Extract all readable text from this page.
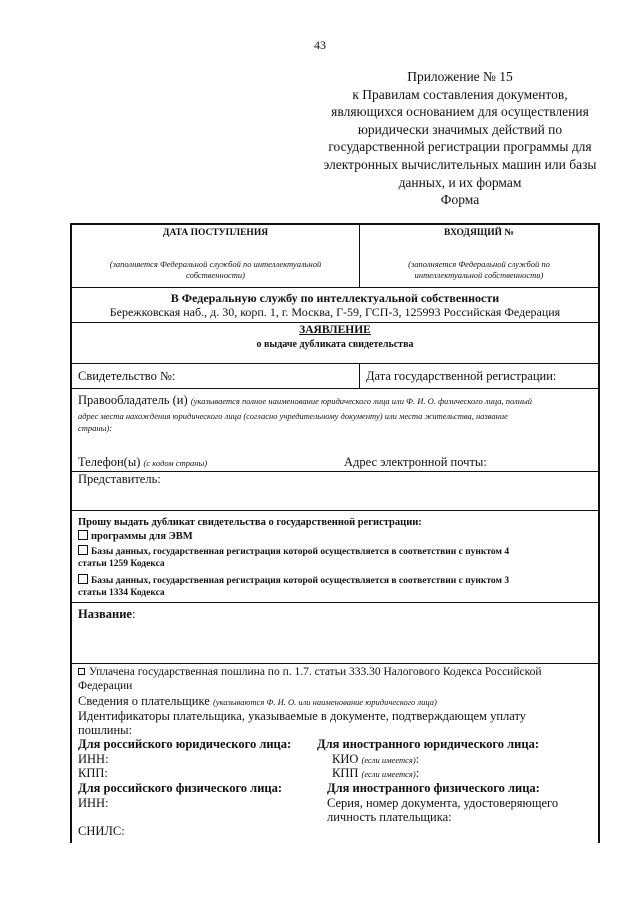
43
Приложение № 15
к Правилам составления документов,
являющихся основанием для осуществления
юридически значимых действий по
государственной регистрации программы для
электронных вычислительных машин или базы
данных, и их формам
Форма
ДАТА ПОСТУПЛЕНИЯ
(заполняется Федеральной службой по интеллектуальной
собственности)
ВХОДЯЩИЙ №
(заполняется Федеральной службой по
интеллектуальной собственности)
В Федеральную службу по интеллектуальной собственности
Бережковская наб., д. 30, корп. 1, г. Москва, Г-59, ГСП-3, 125993 Российская Федерация
ЗАЯВЛЕНИЕ
о выдаче дубликата свидетельства
Свидетельство №:	Дата государственной регистрации:
Правообладатель (и) (указывается полное наименование юридического лица или Ф. И. О. физического лица, полный
адрес места нахождения юридического лица (согласно учредительному документу) или места жительства, название
страны):
Телефон(ы) (с кодом страны)	Адрес электронной почты:
Представитель:
Прошу выдать дубликат свидетельства о государственной регистрации:
программы для ЭВМ
Базы данных, государственная регистрация которой осуществляется в соответствии с пунктом 4
статьи 1259 Кодекса
Базы данных, государственная регистрация которой осуществляется в соответствии с пунктом 3
статьи 1334 Кодекса
Название:
Уплачена государственная пошлина по п. 1.7. статьи 333.30 Налогового Кодекса Российской
Федерации
Сведения о плательщике (указываются Ф. И. О. или наименование юридического лица)
Идентификаторы плательщика, указываемые в документе, подтверждающем уплату
пошлины:
Для российского юридического лица:
ИНН:
КПП:
Для иностранного юридического лица:
КИО (если имеется):
КПП (если имеется):
Для российского физического лица:
ИНН:
Для иностранного физического лица:
Серия, номер документа, удостоверяющего
личность плательщика:
СНИЛС:
